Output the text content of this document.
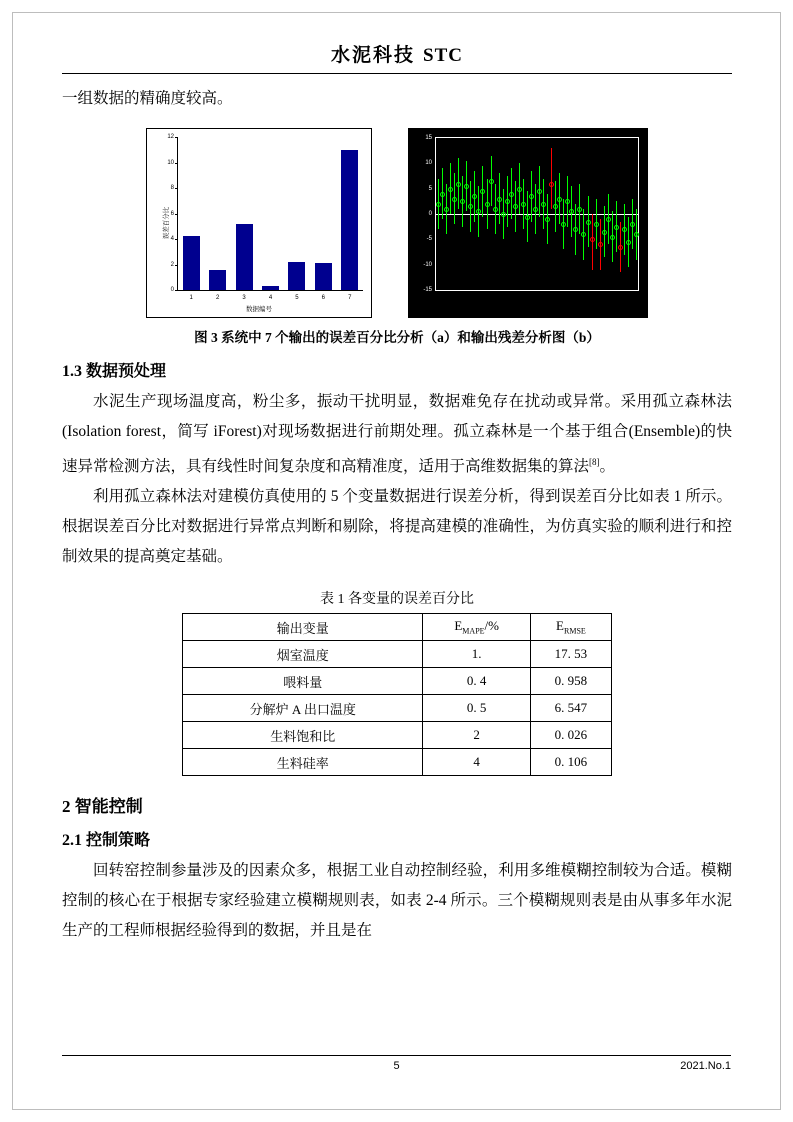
水泥科技 STC

一组数据的精确度较高。

误差百分比
0
2
4
6
8
10
12
1	2	3	4	5	6	7
数据编号
残差
-15
-10
-5
0
5
10
15
5	10 15 20 25 30 35 40 45 50
数据
图 3 系统中 7 个输出的误差百分比分析（a）和输出残差分析图（b）
1.3 数据预处理

水泥生产现场温度高，粉尘多，振动干扰明显，数据难免存在扰动或异常。采用孤立森林法(Isolation forest，简写 iForest)对现场数据进行前期处理。孤立森林是一个基于组合(Ensemble)的快速异常检测方法，具有线性时间复杂度和高精准度，适用于高维数据集的算法[8]。

利用孤立森林法对建模仿真使用的 5 个变量数据进行误差分析，得到误差百分比如表 1 所示。根据误差百分比对数据进行异常点判断和剔除，将提高建模的准确性，为仿真实验的顺利进行和控制效果的提高奠定基础。

表 1 各变量的误差百分比
输出变量	$E_{MAPE}/\%$	$E_{RMSE}$
烟室温度	1.	17. 53
喂料量	0. 4	0. 958
分解炉 A 出口温度	0. 5	6. 547
生料饱和比	2	0. 026
生料硅率	4	0. 106
2 智能控制
2.1 控制策略

回转窑控制参量涉及的因素众多，根据工业自动控制经验，利用多维模糊控制较为合适。模糊控制的核心在于根据专家经验建立模糊规则表，如表 2-4 所示。三个模糊规则表是由从事多年水泥生产的工程师根据经验得到的数据，并且是在

5	2021.No.1
